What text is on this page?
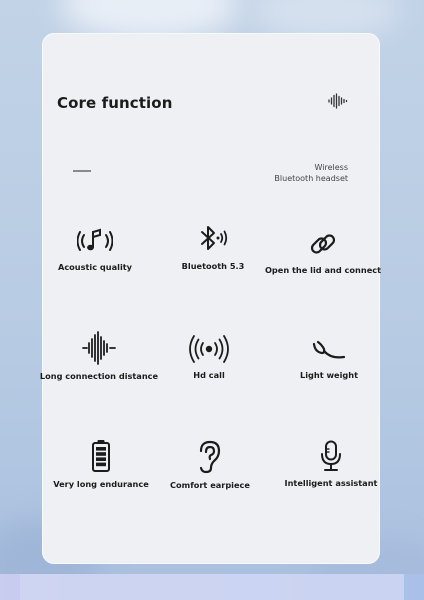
Core function
Wireless
Bluetooth headset
Acoustic quality	Bluetooth 5.3	Open the lid and connect
Long connection distance	Hd call	Light weight
Very long endurance	Comfort earpiece	Intelligent assistant
